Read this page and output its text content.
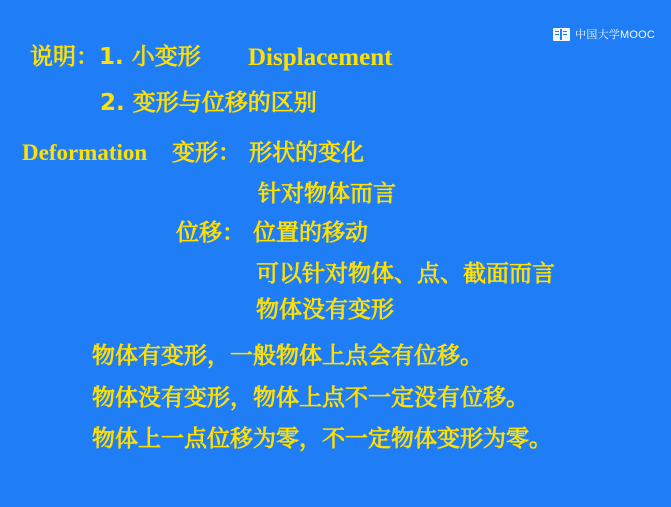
中国大学MOOC
说明：1. 小变形 Displacement
2. 变形与位移的区别
Deformation 变形： 形状的变化
针对物体而言
位移： 位置的移动
可以针对物体、点、截面而言
物体没有变形
物体有变形，一般物体上点会有位移。
物体没有变形，物体上点不一定没有位移。
物体上一点位移为零，不一定物体变形为零。
